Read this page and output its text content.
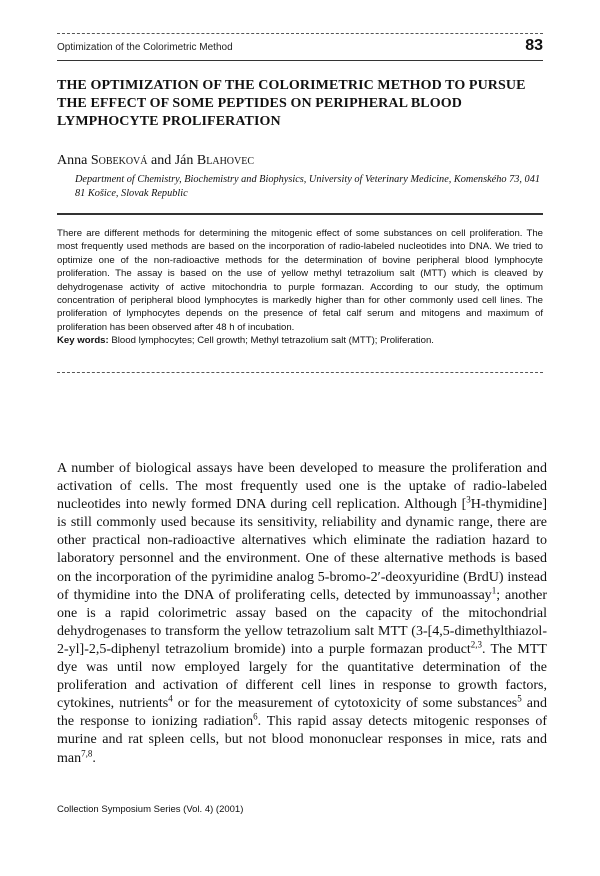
Optimization of the Colorimetric Method	83
THE OPTIMIZATION OF THE COLORIMETRIC METHOD TO PURSUE THE EFFECT OF SOME PEPTIDES ON PERIPHERAL BLOOD LYMPHOCYTE PROLIFERATION
Anna Sobeková and Ján Blahovec
Department of Chemistry, Biochemistry and Biophysics, University of Veterinary Medicine, Komenského 73, 041 81 Košice, Slovak Republic

There are different methods for determining the mitogenic effect of some substances on cell proliferation. The most frequently used methods are based on the incorporation of radio-labeled nucleotides into DNA. We tried to optimize one of the non-radioactive methods for the determination of bovine peripheral blood lymphocyte proliferation. The assay is based on the use of yellow methyl tetrazolium salt (MTT) which is cleaved by dehydrogenase activity of active mitochondria to purple formazan. According to our study, the optimum concentration of peripheral blood lymphocytes is markedly higher than for other commonly used cell lines. The proliferation of lymphocytes depends on the presence of fetal calf serum and mitogens and maximum of proliferation has been observed after 48 h of incubation.

Key words: Blood lymphocytes; Cell growth; Methyl tetrazolium salt (MTT); Proliferation.

A number of biological assays have been developed to measure the proliferation and activation of cells. The most frequently used one is the uptake of radio-labeled nucleotides into newly formed DNA during cell replication. Although [$^3$H-thymidine] is still commonly used because its sensitivity, reliability and dynamic range, there are other practical non-radioactive alternatives which eliminate the radiation hazard to laboratory personnel and the environment. One of these alternative methods is based on the incorporation of the pyrimidine analog 5-bromo-2′-deoxyuridine (BrdU) instead of thymidine into the DNA of proliferating cells, detected by immunoassay$^1$; another one is a rapid colorimetric assay based on the capacity of the mitochondrial dehydrogenases to transform the yellow tetrazolium salt MTT (3-[4,5-dimethylthiazol-2-yl]-2,5-diphenyl tetrazolium bromide) into a purple formazan product$^{2,3}$. The MTT dye was until now employed largely for the quantitative determination of the proliferation and activation of different cell lines in response to growth factors, cytokines, nutrients$^4$ or for the measurement of cytotoxicity of some substances$^5$ and the response to ionizing radiation$^6$. This rapid assay detects mitogenic responses of murine and rat spleen cells, but not blood mononuclear responses in mice, rats and man$^{7,8}$.

Collection Symposium Series (Vol. 4) (2001)
